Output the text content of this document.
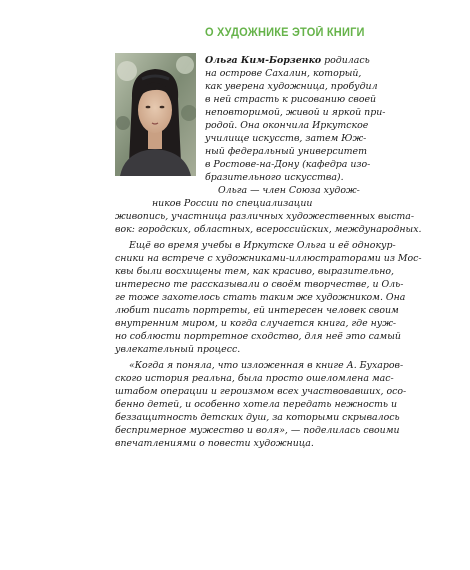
О ХУДОЖНИКЕ ЭТОЙ КНИГИ
Ольга Ким-Борзенко родилась
на острове Сахалин, который,
как уверена художница, пробудил
в ней страсть к рисованию своей
неповторимой, живой и яркой при-
родой. Она окончила Иркутское
училище искусств, затем Юж-
ный федеральный университет
в Ростове-на-Дону (кафедра изо-
бразительного искусства).
Ольга — член Союза худож-
ников России по специализации
живопись, участница различных художественных выста-
вок: городских, областных, всероссийских, международных.
Ещё во время учебы в Иркутске Ольга и её однокур-
сники на встрече с художниками-иллюстраторами из Мос-
квы были восхищены тем, как красиво, выразительно,
интересно те рассказывали о своём творчестве, и Оль-
ге тоже захотелось стать таким же художником. Она
любит писать портреты, ей интересен человек своим
внутренним миром, и когда случается книга, где нуж-
но соблюсти портретное сходство, для неё это самый
увлекательный процесс.
«Когда я поняла, что изложенная в книге А. Бухаров-
ского история реальна, была просто ошеломлена мас-
штабом операции и героизмом всех участвовавших, осо-
бенно детей, и особенно хотела передать нежность и
беззащитность детских душ, за которыми скрывалось
беспримерное мужество и воля», — поделилась своими
впечатлениями о повести художница.
